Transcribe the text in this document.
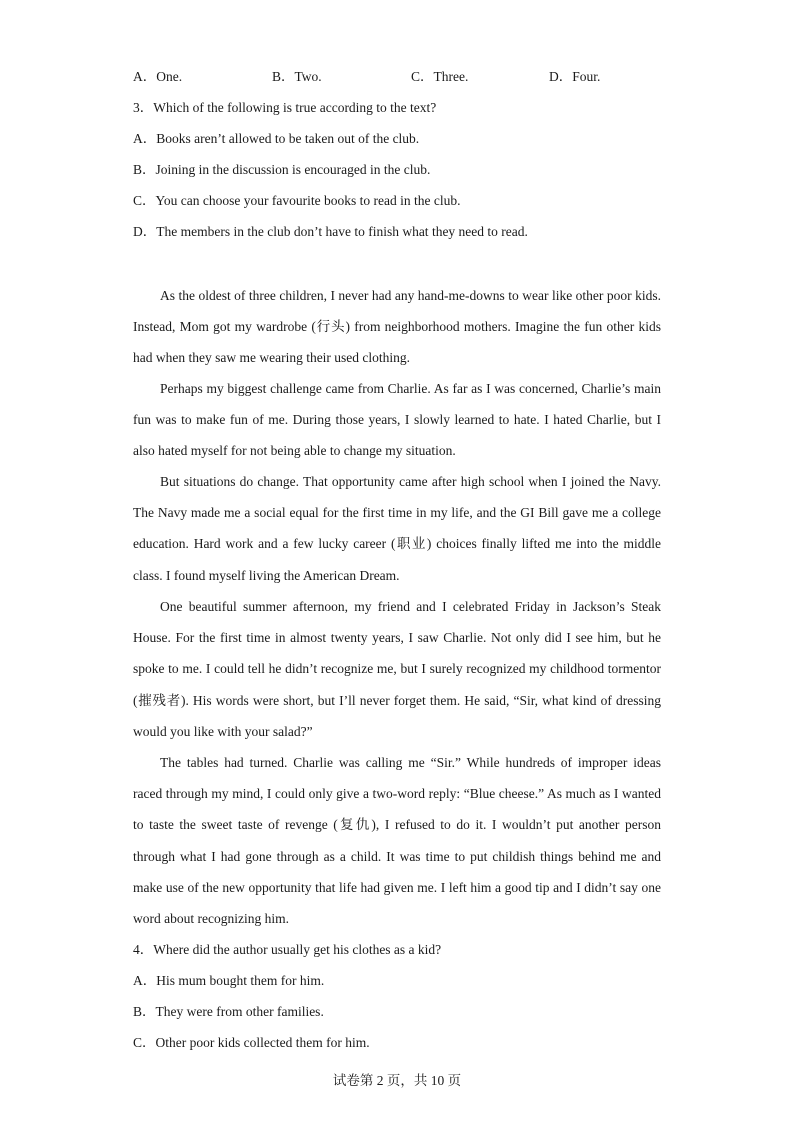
A．One.	B．Two.	C．Three.	D．Four.
3．Which of the following is true according to the text?
A．Books aren’t allowed to be taken out of the club.
B．Joining in the discussion is encouraged in the club.
C．You can choose your favourite books to read in the club.
D．The members in the club don’t have to finish what they need to read.

As the oldest of three children, I never had any hand-me-downs to wear like other poor kids. Instead, Mom got my wardrobe (行头) from neighborhood mothers. Imagine the fun other kids had when they saw me wearing their used clothing.

Perhaps my biggest challenge came from Charlie. As far as I was concerned, Charlie’s main fun was to make fun of me. During those years, I slowly learned to hate. I hated Charlie, but I also hated myself for not being able to change my situation.

But situations do change. That opportunity came after high school when I joined the Navy. The Navy made me a social equal for the first time in my life, and the GI Bill gave me a college education. Hard work and a few lucky career (职业) choices finally lifted me into the middle class. I found myself living the American Dream.

One beautiful summer afternoon, my friend and I celebrated Friday in Jackson’s Steak House. For the first time in almost twenty years, I saw Charlie. Not only did I see him, but he spoke to me. I could tell he didn’t recognize me, but I surely recognized my childhood tormentor (摧残者). His words were short, but I’ll never forget them. He said, “Sir, what kind of dressing would you like with your salad?”

The tables had turned. Charlie was calling me “Sir.” While hundreds of improper ideas raced through my mind, I could only give a two-word reply: “Blue cheese.” As much as I wanted to taste the sweet taste of revenge (复仇), I refused to do it. I wouldn’t put another person through what I had gone through as a child. It was time to put childish things behind me and make use of the new opportunity that life had given me. I left him a good tip and I didn’t say one word about recognizing him.

4．Where did the author usually get his clothes as a kid?
A．His mum bought them for him.
B．They were from other families.
C．Other poor kids collected them for him.
试卷第 2 页，共 10 页
